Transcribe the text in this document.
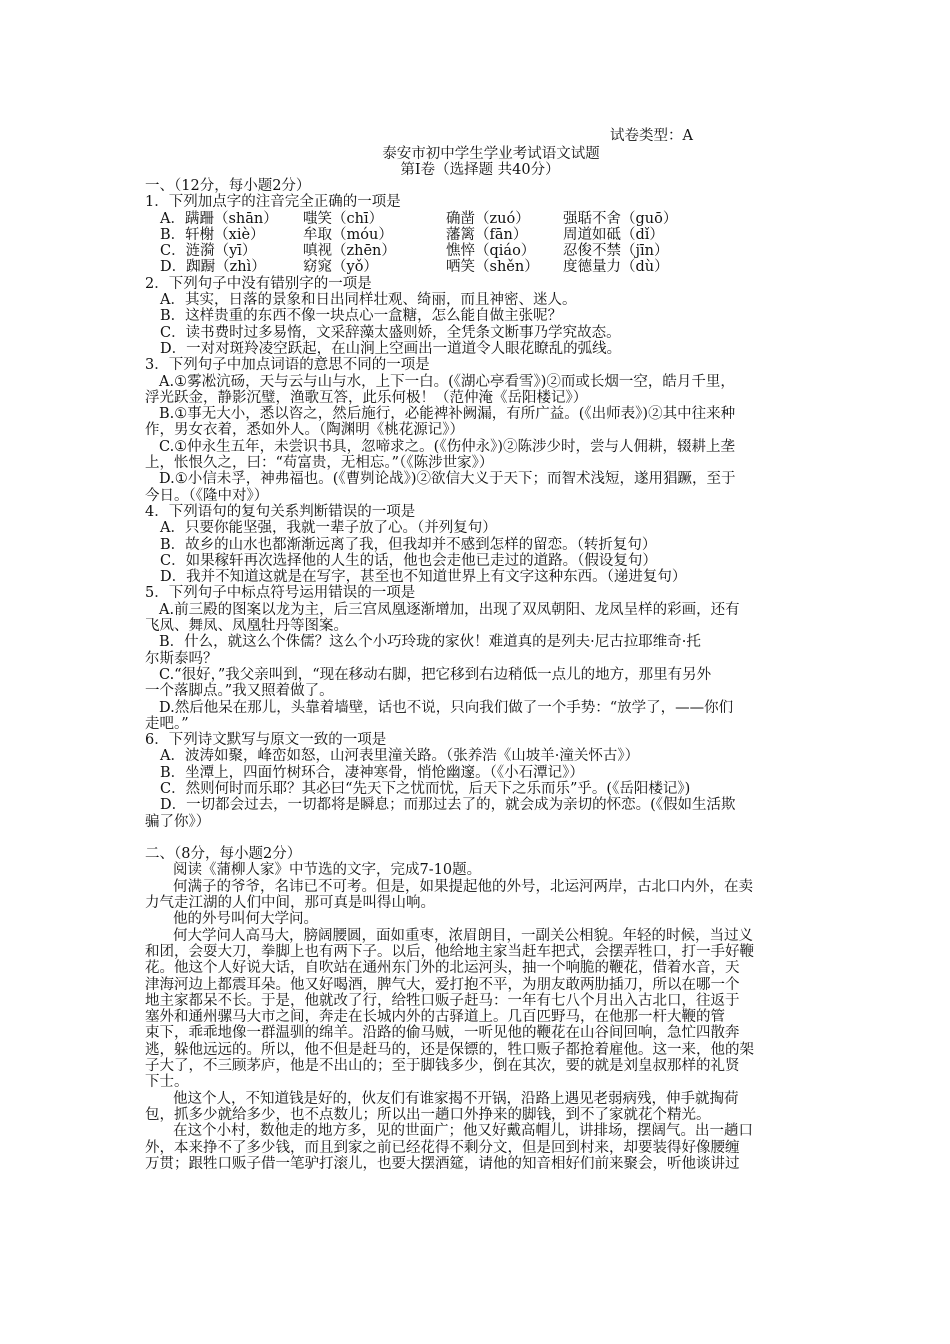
试卷类型：A
泰安市初中学生学业考试语文试题
第Ⅰ卷（选择题 共40分）
一、（12分，每小题2分）
1．下列加点字的注音完全正确的一项是
A．蹒跚（shān）	嗤笑（chī）	确凿（zuó）	强聒不舍（guō）
B．轩榭（xiè）	牟取（móu）	藩篱（fān）	周道如砥（dǐ）
C．涟漪（yī）	嗔视（zhēn）	憔悴（qiáo）	忍俊不禁（jīn）
D．踟蹰（zhì）	窈窕（yǒ）	哂笑（shěn）	度德量力（dù）
2．下列句子中没有错别字的一项是
A．其实，日落的景象和日出同样壮观、绮丽，而且神密、迷人。
B．这样贵重的东西不像一块点心一盒糖，怎么能自做主张呢？
C．读书费时过多易惰，文采辞藻太盛则娇，全凭条文断事乃学究故态。
D．一对对斑羚凌空跃起，在山涧上空画出一道道令人眼花瞭乱的弧线。
3．下列句子中加点词语的意思不同的一项是
A.①雾凇沆砀，天与云与山与水，上下一白。(《湖心亭看雪》)②而或长烟一空，皓月千里，
浮光跃金，静影沉璧，渔歌互答，此乐何极！（范仲淹《岳阳楼记》）
B.①事无大小，悉以咨之，然后施行，必能裨补阙漏，有所广益。(《出师表》)②其中往来种
作，男女衣着，悉如外人。（陶渊明《桃花源记》）
C.①仲永生五年，未尝识书具，忽啼求之。(《伤仲永》)②陈涉少时，尝与人佣耕，辍耕上垄
上，怅恨久之，曰：“苟富贵，无相忘。”（《陈涉世家》）
D.①小信未孚，神弗福也。(《曹刿论战》)②欲信大义于天下；而智术浅短，遂用猖蹶，至于
今日。（《隆中对》）
4．下列语句的复句关系判断错误的一项是
A．只要你能坚强，我就一辈子放了心。（并列复句）
B．故乡的山水也都渐渐远离了我，但我却并不感到怎样的留恋。（转折复句）
C．如果稼轩再次选择他的人生的话，他也会走他已走过的道路。（假设复句）
D．我并不知道这就是在写字，甚至也不知道世界上有文字这种东西。（递进复句）
5．下列句子中标点符号运用错误的一项是
A.前三殿的图案以龙为主，后三宫凤凰逐渐增加，出现了双凤朝阳、龙凤呈样的彩画，还有
飞凤、舞凤、凤凰牡丹等图案。
B．什么，就这么个侏儒？这么个小巧玲珑的家伙！难道真的是列夫·尼古拉耶维奇·托
尔斯泰吗？
C.“很好，”我父亲叫到，“现在移动右脚，把它移到右边稍低一点儿的地方，那里有另外
一个落脚点。”我又照着做了。
D.然后他呆在那儿，头靠着墙壁，话也不说，只向我们做了一个手势：“放学了，——你们
走吧。”
6．下列诗文默写与原文一致的一项是
A．波涛如聚，峰峦如怒，山河表里潼关路。（张养浩《山坡羊·潼关怀古》）
B．坐潭上，四面竹树环合，凄神寒骨，悄怆幽邃。（《小石潭记》）
C．然则何时而乐耶？其必曰“先天下之忧而忧，后天下之乐而乐”乎。(《岳阳楼记》)
D．一切都会过去，一切都将是瞬息；而那过去了的，就会成为亲切的怀恋。(《假如生活欺
骗了你》）
二、（8分，每小题2分）
阅读《蒲柳人家》中节选的文字，完成7-10题。
何满子的爷爷，名讳已不可考。但是，如果提起他的外号，北运河两岸，古北口内外，在卖
力气走江湖的人们中间，那可真是叫得山响。
他的外号叫何大学问。
何大学问人高马大，膀阔腰圆，面如重枣，浓眉朗目，一副关公相貌。年轻的时候，当过义
和团，会耍大刀，拳脚上也有两下子。以后，他给地主家当赶车把式，会摆弄牲口，打一手好鞭
花。他这个人好说大话，自吹站在通州东门外的北运河头，抽一个响脆的鞭花，借着水音，天
津海河边上都震耳朵。他又好喝酒，脾气大，爱打抱不平，为朋友敢两肋插刀，所以在哪一个
地主家都呆不长。于是，他就改了行，给牲口贩子赶马：一年有七八个月出入古北口，往返于
塞外和通州骡马大市之间，奔走在长城内外的古驿道上。几百匹野马，在他那一杆大鞭的管
束下，乖乖地像一群温驯的绵羊。沿路的偷马贼，一听见他的鞭花在山谷间回响，急忙四散奔
逃，躲他远远的。所以，他不但是赶马的，还是保镖的，牲口贩子都抢着雇他。这一来，他的架
子大了，不三顾茅庐，他是不出山的；至于脚钱多少，倒在其次，要的就是刘皇叔那样的礼贤
下士。
他这个人，不知道钱是好的，伙友们有谁家揭不开锅，沿路上遇见老弱病残，伸手就掏荷
包，抓多少就给多少，也不点数儿；所以出一趟口外挣来的脚钱，到不了家就花个精光。
在这个小村，数他走的地方多，见的世面广；他又好戴高帽儿，讲排场，摆阔气。出一趟口
外，本来挣不了多少钱，而且到家之前已经花得不剩分文，但是回到村来，却要装得好像腰缠
万贯；跟牲口贩子借一笔驴打滚儿，也要大摆酒筵，请他的知音相好们前来聚会，听他谈讲过
